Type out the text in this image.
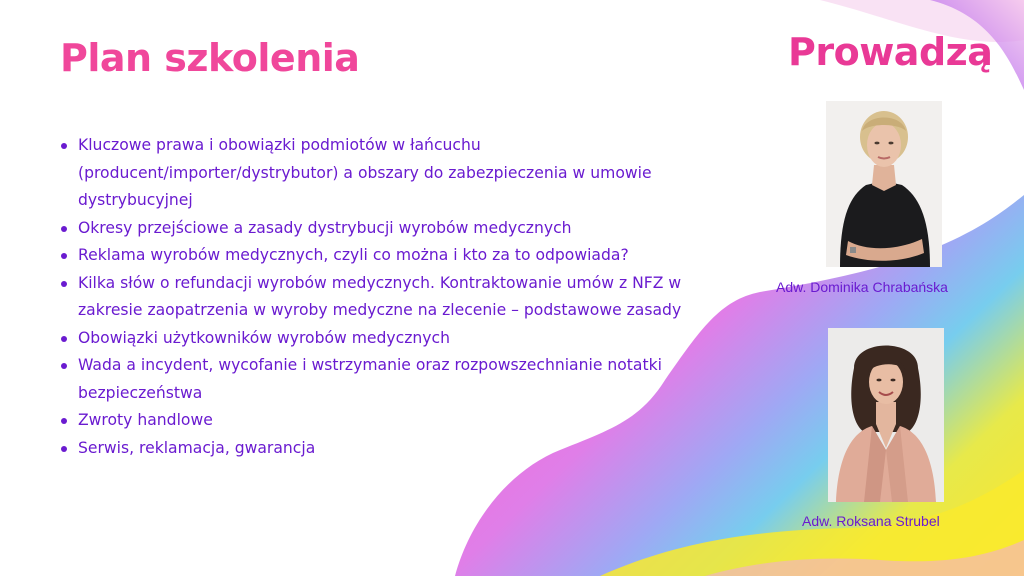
Plan szkolenia	Prowadzą
Kluczowe prawa i obowiązki podmiotów w łańcuchu (producent/importer/dystrybutor) a obszary do zabezpieczenia w umowie dystrybucyjnej
Okresy przejściowe a zasady dystrybucji wyrobów medycznych
Reklama wyrobów medycznych, czyli co można i kto za to odpowiada?
Kilka słów o refundacji wyrobów medycznych. Kontraktowanie umów z NFZ w zakresie zaopatrzenia w wyroby medyczne na zlecenie – podstawowe zasady
Obowiązki użytkowników wyrobów medycznych
Wada a incydent, wycofanie i wstrzymanie oraz rozpowszechnianie notatki bezpieczeństwa
Zwroty handlowe
Serwis, reklamacja, gwarancja
Adw. Dominika Chrabańska
Adw. Roksana Strubel
